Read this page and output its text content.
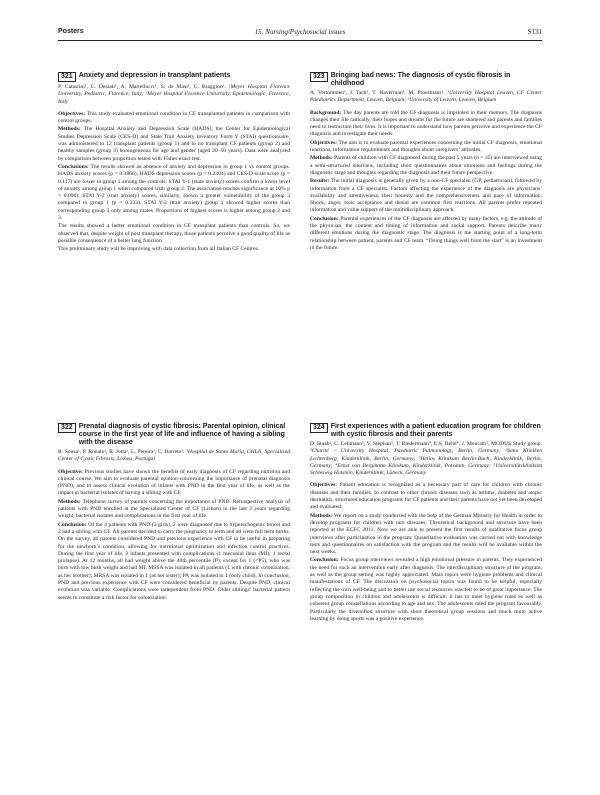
Posters	15. Nursing/Psychosocial issues	S131
321 Anxiety and depression in transplant patients
P. Catastini¹, C. Desiati¹, A. Martellucci¹, S. de Masi², C. Braggion¹. ¹Meyer Hospital Florence University, Pediatric, Florence, Italy; ²Meyer Hospital Florence University, Epidemiologic, Florence, Italy
Objectives: This study evaluated emotional condition in CF transplanted patients in comparison with control groups.
Methods: The Hospital Anxiety and Depression Scale (HADS), the Center for Epidemiological Studies Depression Scale (CES-D) and State Trait Anxiety Inventory Form Y (STAI) questionnaire, was administered to 12 transplant patients (group 1) and to no transplant CF patients (group 2) and healthy samples (group 3) homogeneous for age and gender (aged 20–50 years). Data were analyzed by comparison between proportion tested with Fisher exact test.
Conclusions: The results showed an absence of anxiety and depression in group 1 vs control groups. HADS anxiety scores (p = 0.3866), HADS depression scores (p = 0.2304) and CES-D scale score (p = 0.117) are lower in group 1 among the controls. STAI Y-1 (state anxiety) scores confirm a lower level of anxiety among group 1 when compared with group 3. The association reaches significance at 10% p = 0.096). STAI Y-2 (trait anxiety) scores, similarly, shown a greater vulnerability of the group 3 compared to group 1 (p = 0.333). STAI Y-2 (trait anxiety) group 1 showed higher scores than corresponding group 3 only among males. Proportions of highest scores is higher among group 2 and 3.
The results showed a better emotional condition in CF transplant patients than controls. So, we observed that, despite weight of post transplant therapy, those patients perceive a good quality of life as possible consequence of a better lung function.
This preliminary study will be improving with data collection from all Italian CF Centres.
323 Bringing bad news: The diagnosis of cystic fibrosis in childhood
A. Vertommen¹, J. Tack², T. Haverman³, M. Proesmans¹. ¹University Hospital Leuven, CF Center Paediatrics Department, Leuven, Belgium; ²University of Leuven, Leuven, Belgium
Background: The day parents are told the CF diagnosis is imprinted in their memory. The diagnosis changes their life radically, their hopes and dreams for the future are shattered and parents and families need to restructure their lives. It is important to understand how parents perceive and experience the CF diagnosis and investigate their needs.
Objectives: The aim is to evaluate parental experiences concerning the initial CF diagnosis, emotional reactions, information requirements and thoughts about caregivers’ attitudes.
Methods: Parents of children with CF diagnosed during the past 5 years (n = 35) are interviewed using a semi-structured interview, including short questionnaires about emotions and feelings during the diagnostic stage and thoughts regarding the diagnosis and their future perspective.
Results: The initial diagnosis is generally given by a non-CF specialist (GP, pediatrician), followed by information from a CF specialist. Factors affecting the experience of the diagnosis are physicians’ availability and attentiveness, their honesty and the comprehensiveness and pace of information. Shock, anger, stoic acceptance and denial are common first reactions. All parents prefer repeated information and value support of the multidisciplinary approach.
Conclusion: Parental experiences of the CF diagnosis are affected by many factors, e.g. the attitude of the physician, the content and timing of information and social support. Parents describe many different emotions during the diagnostic stage. The diagnosis is the starting point of a long-term relationship between patient, parents and CF team. “Doing things well from the start” is an investment in the future.
322 Prenatal diagnosis of cystic fibrosis: Parental opinion, clinical course in the first year of life and influence of having a sibling with the disease
R. Sousa¹, P. Ronalo¹, R. Jotta¹, L. Pereira¹, C. Barreto¹. ¹Hospital de Santa Maria, CHLN, Specialized Center of Cystic Fibrosis, Lisboa, Portugal
Objective: Previous studies have shown the benefits of early diagnosis of CF regarding nutrition and clinical course. We aim to evaluate parental opinion concerning the importance of prenatal diagnosis (PND), and to assess clinical evolution of infants with PND in the first year of life, as well as the impact in bacterial isolates of having a sibling with CF.
Methods: Telephone survey of parents concerning the importance of PND. Retrospective analysis of patients with PND enrolled at the Specialized Center of CF (Lisbon) in the last 2 years regarding weight, bacterial isolates and complications in the first year of life.
Conclusion: Of the 4 patients with PND (3 girls), 2 were diagnosed due to hyperechogenic bowel and 2 had a sibling with CF. All parents decided to carry the pregnancy to term and all were full term births. On the survey, all parents considered PND and previous experience with CF to be useful in preparing for the newborn’s condition, allowing for nutritional optimization and infection control practices. During the first year of life, 2 infants presented with complications (1 meconial ileus (MI); 1 rectal prolapse). At 12 months, all had weight above the 40th percentile (P), except for 1 (<P5), who was born with low birth weight and had MI. MSSA was isolated in all patients (1 with chronic colonization, as her brother); MRSA was isolated in 1 (as her sister); PA was isolated in 1 (only child). In conclusion, PND and previous experience with CF were considered beneficial by parents. Despite PND, clinical evolution was variable. Complications were independent from PND. Older siblings’ bacterial pattern seems to constitute a risk factor for colonization.
324 First experiences with a patient education program for children with cystic fibrosis and their parents
D. Staab¹, C. Lehmann², V. Stephan³, T. Biedermann⁴, E.S. Belié⁴, J. Mourath⁵, MODUS Study group. ¹Charité – University Hospital, Paediatric Pulmonology, Berlin, Germany; ²Sana Kliniken Lichtenberg, Kinderklinik, Berlin, Germany; ³Helios Klinikum Berlin-Buch, Kinderklinik, Berlin, Germany; ⁴Ernst von Bergmann Klinikum, Kinderklinik, Potsdam, Germany; ⁵Universitätsklinikum Schleswig Holstein, Kinderklinik, Lübeck, Germany
Objectives: Patient education is recognized as a necessary part of care for children with chronic diseases and their families. In contrast to other chronic diseases such as asthma, diabetes and atopic dermatitis, structured education programs for CF patients and their parents have not yet been developed and evaluated.
Methods: We report on a study conducted with the help of the German Ministry for Health in order to develop programs for children with rare diseases. Theoretical background and structure have been reported at the ECFC 2011. Now we are able to present the first results of qualitative focus group interviews after participation in the program. Quantitative evaluation was carried out with knowledge tests and questionnaires on satisfaction with the program and the results will be available within the next weeks.
Conclusion: Focus group interviews revealed a high emotional pressure in parents. They experienced the need for such an intervention early after diagnosis. The interdisciplinary structure of the program, as well as the group setting was highly appreciated. Main topics were hygiene problems and clinical manifestations of CF. The discussion on psychosocial topics was found to be helpful, especially reflecting the own well-being and to better use social resources was felt to be of great importance. The group composition in children and adolescents is difficult; it has to meet hygiene rules as well as coherent group constellations according to age and sex. The adolescents rated the program favourably. Particularly the diversified structure with short theoretical group sessions and much more active learning by doing sports was a positive experience.
